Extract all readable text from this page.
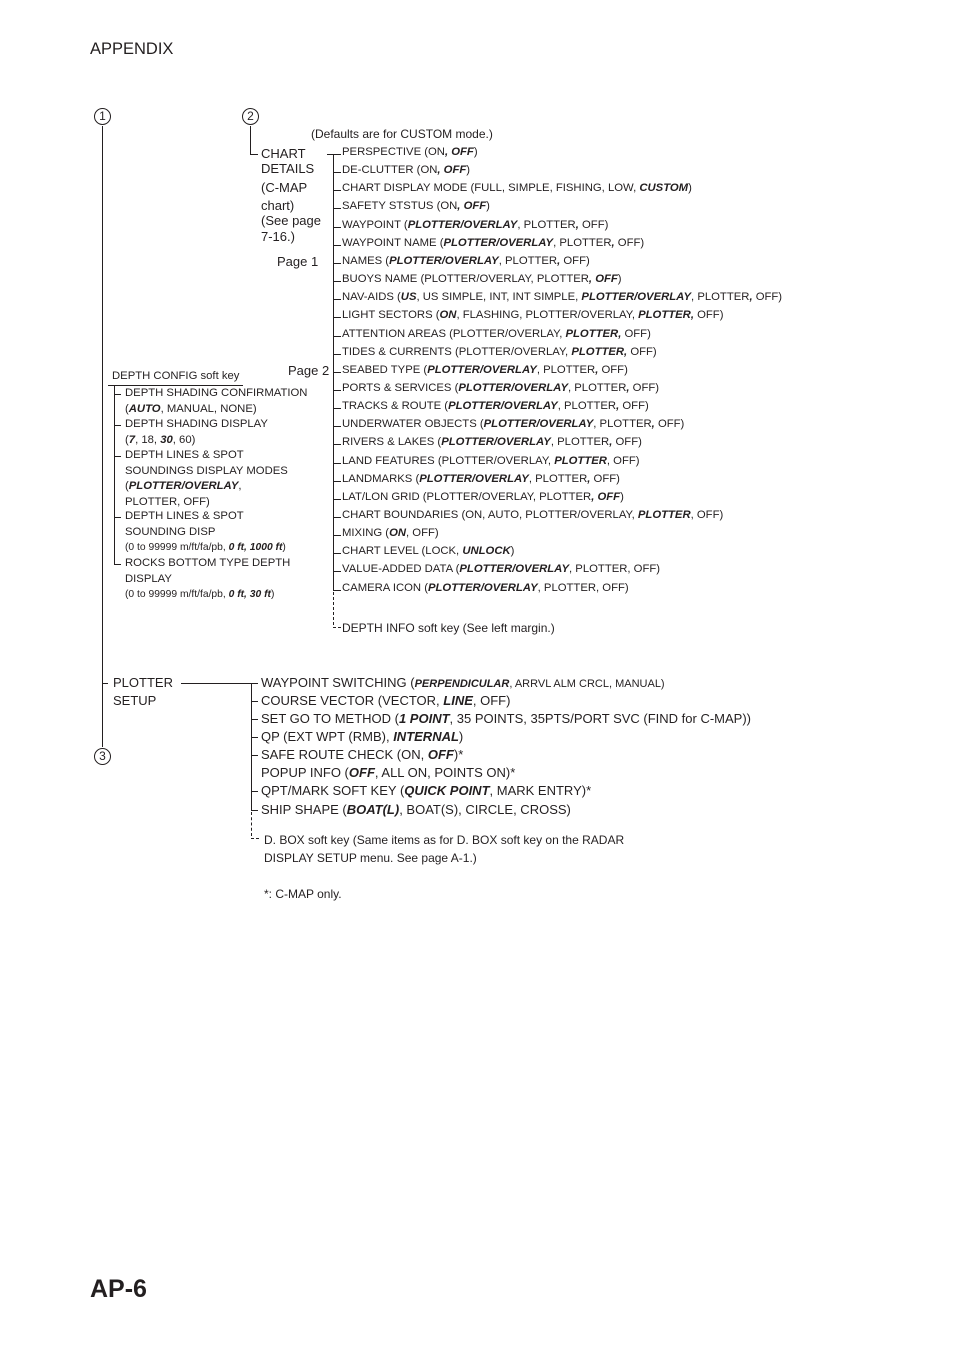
APPENDIX
AP-6
1	2
3
(Defaults are for CUSTOM mode.)
CHART
DETAILS
(C-MAP
chart)
(See page
7-16.)
Page 1
Page 2
PERSPECTIVE (ON, OFF)
DE-CLUTTER (ON, OFF)
CHART DISPLAY MODE (FULL, SIMPLE, FISHING, LOW, CUSTOM)
SAFETY STSTUS (ON, OFF)
WAYPOINT (PLOTTER/OVERLAY, PLOTTER, OFF)
WAYPOINT NAME (PLOTTER/OVERLAY, PLOTTER, OFF)
NAMES (PLOTTER/OVERLAY, PLOTTER, OFF)
BUOYS NAME (PLOTTER/OVERLAY, PLOTTER, OFF)
NAV-AIDS (US, US SIMPLE, INT, INT SIMPLE, PLOTTER/OVERLAY, PLOTTER, OFF)
LIGHT SECTORS (ON, FLASHING, PLOTTER/OVERLAY, PLOTTER, OFF)
ATTENTION AREAS (PLOTTER/OVERLAY, PLOTTER, OFF)
TIDES & CURRENTS (PLOTTER/OVERLAY, PLOTTER, OFF)
SEABED TYPE (PLOTTER/OVERLAY, PLOTTER, OFF)
PORTS & SERVICES (PLOTTER/OVERLAY, PLOTTER, OFF)
TRACKS & ROUTE (PLOTTER/OVERLAY, PLOTTER, OFF)
UNDERWATER OBJECTS (PLOTTER/OVERLAY, PLOTTER, OFF)
RIVERS & LAKES (PLOTTER/OVERLAY, PLOTTER, OFF)
LAND FEATURES (PLOTTER/OVERLAY, PLOTTER, OFF)
LANDMARKS (PLOTTER/OVERLAY, PLOTTER, OFF)
LAT/LON GRID (PLOTTER/OVERLAY, PLOTTER, OFF)
CHART BOUNDARIES (ON, AUTO, PLOTTER/OVERLAY, PLOTTER, OFF)
MIXING (ON, OFF)
CHART LEVEL (LOCK, UNLOCK)
VALUE-ADDED DATA (PLOTTER/OVERLAY, PLOTTER, OFF)
CAMERA ICON (PLOTTER/OVERLAY, PLOTTER, OFF)
DEPTH INFO soft key (See left margin.)
DEPTH CONFIG soft key
DEPTH SHADING CONFIRMATION
(AUTO, MANUAL, NONE)
DEPTH SHADING DISPLAY
(7, 18, 30, 60)
DEPTH LINES & SPOT
SOUNDINGS DISPLAY MODES
(PLOTTER/OVERLAY,
PLOTTER, OFF)
DEPTH LINES & SPOT
SOUNDING DISP
(0 to 99999 m/ft/fa/pb, 0 ft, 1000 ft)
ROCKS BOTTOM TYPE DEPTH
DISPLAY
(0 to 99999 m/ft/fa/pb, 0 ft, 30 ft)
PLOTTER
SETUP
WAYPOINT SWITCHING (PERPENDICULAR, ARRVL ALM CRCL, MANUAL)
COURSE VECTOR (VECTOR, LINE, OFF)
SET GO TO METHOD (1 POINT, 35 POINTS, 35PTS/PORT SVC (FIND for C-MAP))
QP (EXT WPT (RMB), INTERNAL)
SAFE ROUTE CHECK (ON, OFF)*
POPUP INFO (OFF, ALL ON, POINTS ON)*
QPT/MARK SOFT KEY (QUICK POINT, MARK ENTRY)*
SHIP SHAPE (BOAT(L), BOAT(S), CIRCLE, CROSS)
D. BOX soft key (Same items as for D. BOX soft key on the RADAR
DISPLAY SETUP menu. See page A-1.)
*: C-MAP only.
